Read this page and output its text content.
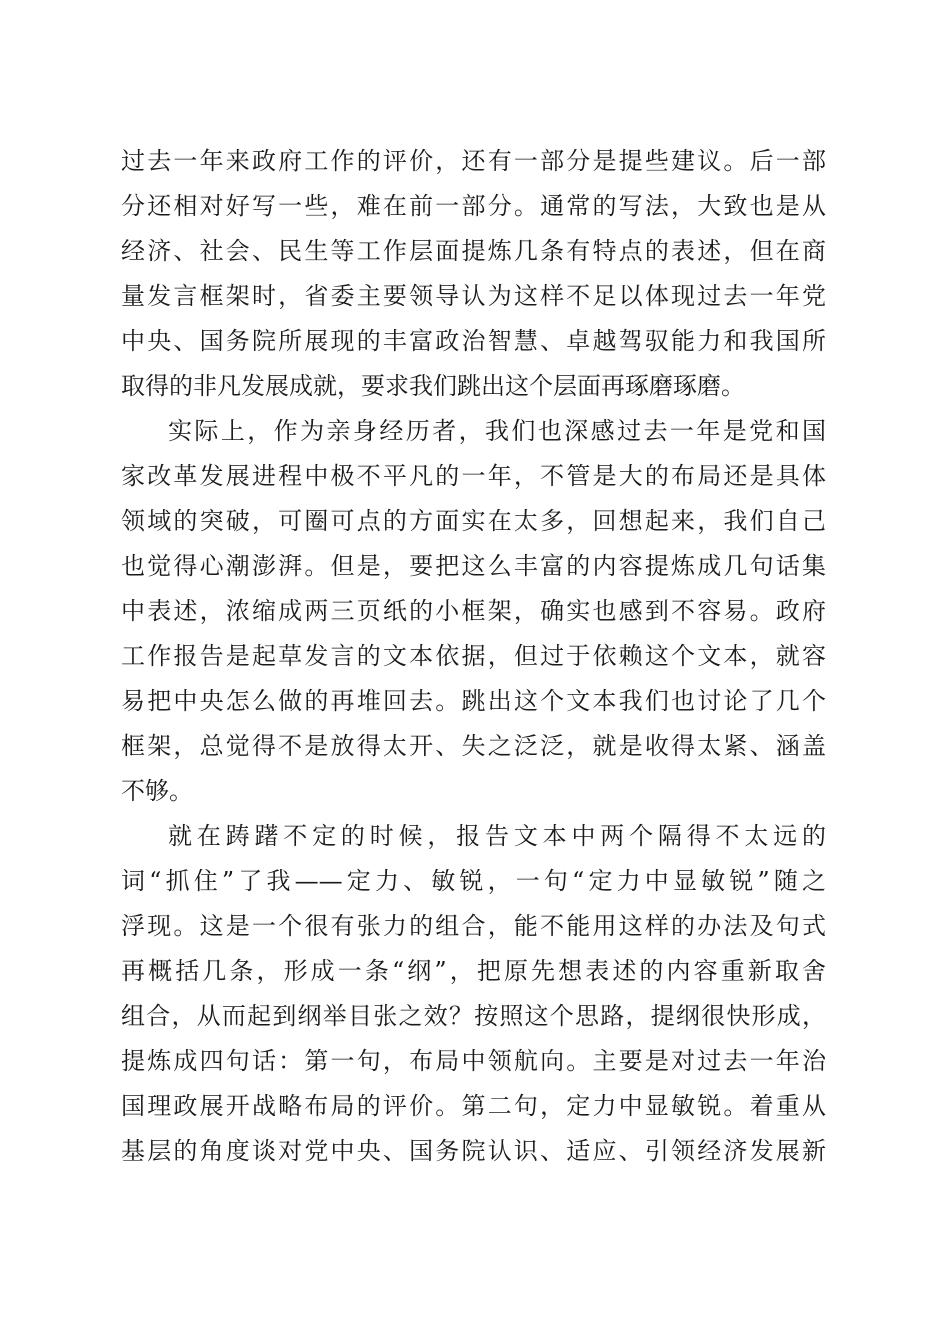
过去一年来政府工作的评价，还有一部分是提些建议。后一部
分还相对好写一些，难在前一部分。通常的写法，大致也是从
经济、社会、民生等工作层面提炼几条有特点的表述，但在商
量发言框架时，省委主要领导认为这样不足以体现过去一年党
中央、国务院所展现的丰富政治智慧、卓越驾驭能力和我国所
取得的非凡发展成就，要求我们跳出这个层面再琢磨琢磨。
实际上，作为亲身经历者，我们也深感过去一年是党和国
家改革发展进程中极不平凡的一年，不管是大的布局还是具体
领域的突破，可圈可点的方面实在太多，回想起来，我们自己
也觉得心潮澎湃。但是，要把这么丰富的内容提炼成几句话集
中表述，浓缩成两三页纸的小框架，确实也感到不容易。政府
工作报告是起草发言的文本依据，但过于依赖这个文本，就容
易把中央怎么做的再堆回去。跳出这个文本我们也讨论了几个
框架，总觉得不是放得太开、失之泛泛，就是收得太紧、涵盖
不够。
就在踌躇不定的时候，报告文本中两个隔得不太远的
词“抓住”了我——定力、敏锐，一句“定力中显敏锐”随之
浮现。这是一个很有张力的组合，能不能用这样的办法及句式
再概括几条，形成一条“纲”，把原先想表述的内容重新取舍
组合，从而起到纲举目张之效？按照这个思路，提纲很快形成，
提炼成四句话：第一句，布局中领航向。主要是对过去一年治
国理政展开战略布局的评价。第二句，定力中显敏锐。着重从
基层的角度谈对党中央、国务院认识、适应、引领经济发展新
